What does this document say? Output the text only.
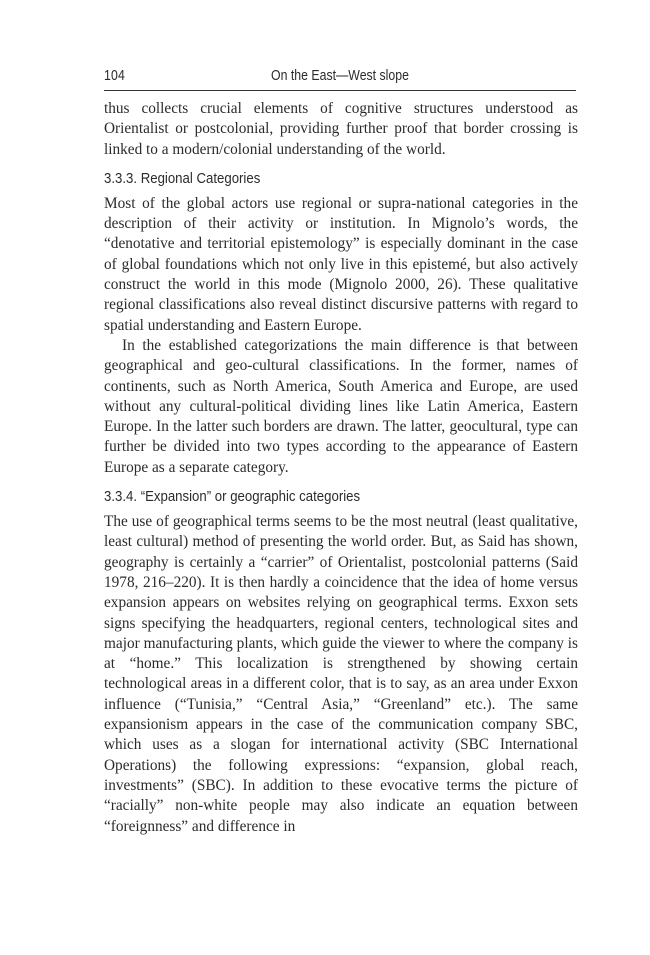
104	On the East—West slope

thus collects crucial elements of cognitive structures understood as Orientalist or postcolonial, providing further proof that border crossing is linked to a modern/colonial understanding of the world.

3.3.3. Regional Categories

Most of the global actors use regional or supra-national categories in the description of their activity or institution. In Mignolo’s words, the “denotative and territorial epistemology” is especially dominant in the case of global foundations which not only live in this epistemé, but also actively construct the world in this mode (Mignolo 2000, 26). These qualitative regional classifications also reveal distinct discursive patterns with regard to spatial understanding and Eastern Europe.

In the established categorizations the main difference is that between geographical and geo-cultural classifications. In the former, names of continents, such as North America, South America and Europe, are used without any cultural-political dividing lines like Latin America, Eastern Europe. In the latter such borders are drawn. The latter, geocultural, type can further be divided into two types according to the appearance of Eastern Europe as a separate category.

3.3.4. “Expansion” or geographic categories

The use of geographical terms seems to be the most neutral (least qualitative, least cultural) method of presenting the world order. But, as Said has shown, geography is certainly a “carrier” of Orientalist, postcolonial patterns (Said 1978, 216–220). It is then hardly a coincidence that the idea of home versus expansion appears on websites relying on geographical terms. Exxon sets signs specifying the headquarters, regional centers, technological sites and major manufacturing plants, which guide the viewer to where the company is at “home.” This localization is strengthened by showing certain technological areas in a different color, that is to say, as an area under Exxon influence (“Tunisia,” “Central Asia,” “Greenland” etc.). The same expansionism appears in the case of the communication company SBC, which uses as a slogan for international activity (SBC International Operations) the following expressions: “expansion, global reach, investments” (SBC). In addition to these evocative terms the picture of “racially” non-white people may also indicate an equation between “foreignness” and difference in
